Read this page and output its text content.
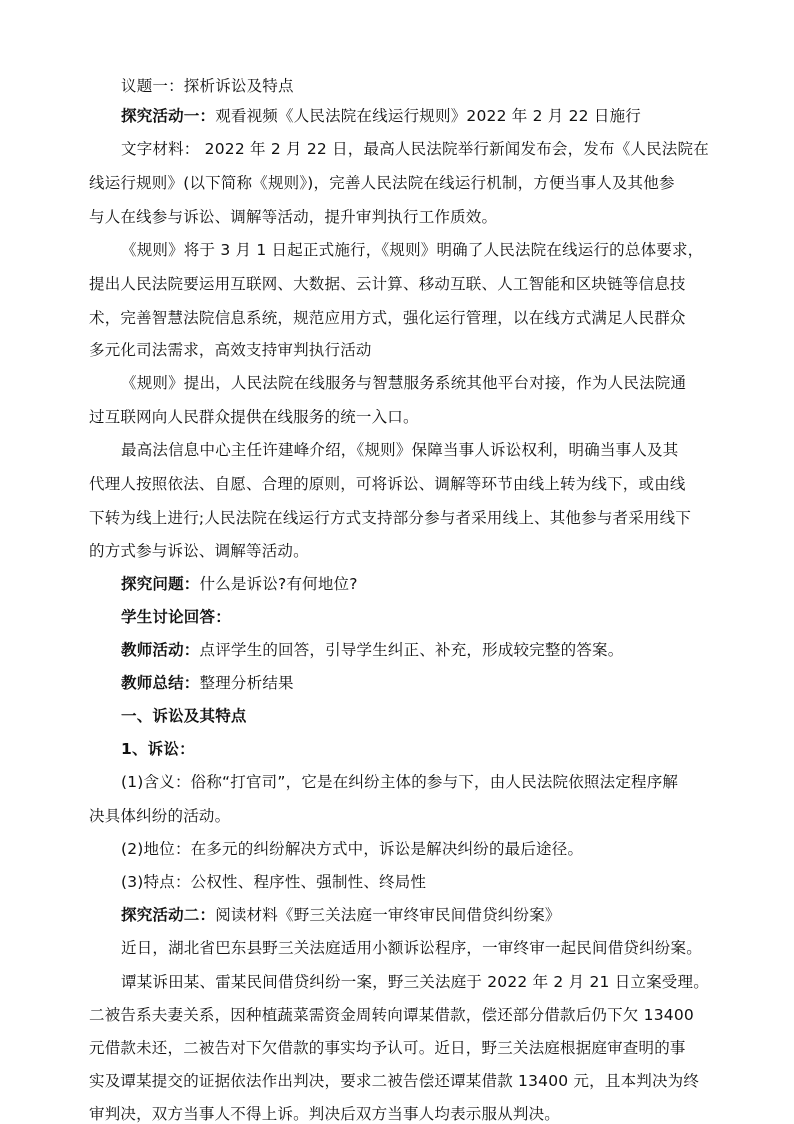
议题一：探析诉讼及特点
探究活动一：观看视频《人民法院在线运行规则》2022 年 2 月 22 日施行
文字材料： 2022 年 2 月 22 日，最高人民法院举行新闻发布会，发布《人民法院在
线运行规则》(以下简称《规则》)，完善人民法院在线运行机制，方便当事人及其他参
与人在线参与诉讼、调解等活动，提升审判执行工作质效。
《规则》将于 3 月 1 日起正式施行，《规则》明确了人民法院在线运行的总体要求，
提出人民法院要运用互联网、大数据、云计算、移动互联、人工智能和区块链等信息技
术，完善智慧法院信息系统，规范应用方式，强化运行管理，以在线方式满足人民群众
多元化司法需求，高效支持审判执行活动
《规则》提出，人民法院在线服务与智慧服务系统其他平台对接，作为人民法院通
过互联网向人民群众提供在线服务的统一入口。
最高法信息中心主任许建峰介绍，《规则》保障当事人诉讼权利，明确当事人及其
代理人按照依法、自愿、合理的原则，可将诉讼、调解等环节由线上转为线下，或由线
下转为线上进行;人民法院在线运行方式支持部分参与者采用线上、其他参与者采用线下
的方式参与诉讼、调解等活动。
探究问题：什么是诉讼?有何地位?
学生讨论回答：
教师活动：点评学生的回答，引导学生纠正、补充，形成较完整的答案。
教师总结：整理分析结果
一、诉讼及其特点
1、诉讼：
(1)含义：俗称“打官司”，它是在纠纷主体的参与下，由人民法院依照法定程序解
决具体纠纷的活动。
(2)地位：在多元的纠纷解决方式中，诉讼是解决纠纷的最后途径。
(3)特点：公权性、程序性、强制性、终局性
探究活动二：阅读材料《野三关法庭一审终审民间借贷纠纷案》
近日，湖北省巴东县野三关法庭适用小额诉讼程序，一审终审一起民间借贷纠纷案。
谭某诉田某、雷某民间借贷纠纷一案，野三关法庭于 2022 年 2 月 21 日立案受理。
二被告系夫妻关系，因种植蔬菜需资金周转向谭某借款，偿还部分借款后仍下欠 13400
元借款未还，二被告对下欠借款的事实均予认可。近日，野三关法庭根据庭审查明的事
实及谭某提交的证据依法作出判决，要求二被告偿还谭某借款 13400 元，且本判决为终
审判决，双方当事人不得上诉。判决后双方当事人均表示服从判决。
